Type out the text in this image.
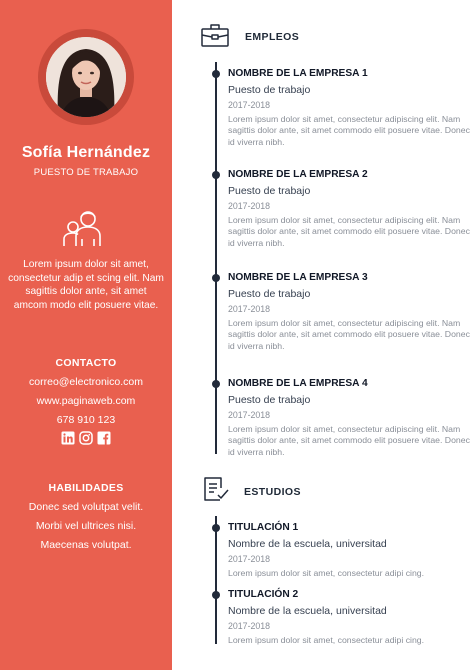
Sofía Hernández
PUESTO DE TRABAJO
Lorem ipsum dolor sit amet, consectetur adip et scing elit. Nam sagittis dolor ante, sit amet amcom modo elit posuere vitae.
CONTACTO
correo@electronico.com
www.paginaweb.com
678 910 123
HABILIDADES
Donec sed volutpat velit.
Morbi vel ultrices nisi.
Maecenas volutpat.
EMPLEOS
NOMBRE DE LA EMPRESA 1
Puesto de trabajo
2017-2018
Lorem ipsum dolor sit amet, consectetur adipiscing elit. Nam sagittis dolor ante, sit amet commodo elit posuere vitae. Donec id viverra nibh.
NOMBRE DE LA EMPRESA 2
Puesto de trabajo
2017-2018
Lorem ipsum dolor sit amet, consectetur adipiscing elit. Nam sagittis dolor ante, sit amet commodo elit posuere vitae. Donec id viverra nibh.
NOMBRE DE LA EMPRESA 3
Puesto de trabajo
2017-2018
Lorem ipsum dolor sit amet, consectetur adipiscing elit. Nam sagittis dolor ante, sit amet commodo elit posuere vitae. Donec id viverra nibh.
NOMBRE DE LA EMPRESA 4
Puesto de trabajo
2017-2018
Lorem ipsum dolor sit amet, consectetur adipiscing elit. Nam sagittis dolor ante, sit amet commodo elit posuere vitae. Donec id viverra nibh.
ESTUDIOS
TITULACIÓN 1
Nombre de la escuela, universitad
2017-2018
Lorem ipsum dolor sit amet, consectetur adipi cing.
TITULACIÓN 2
Nombre de la escuela, universitad
2017-2018
Lorem ipsum dolor sit amet, consectetur adipi cing.
